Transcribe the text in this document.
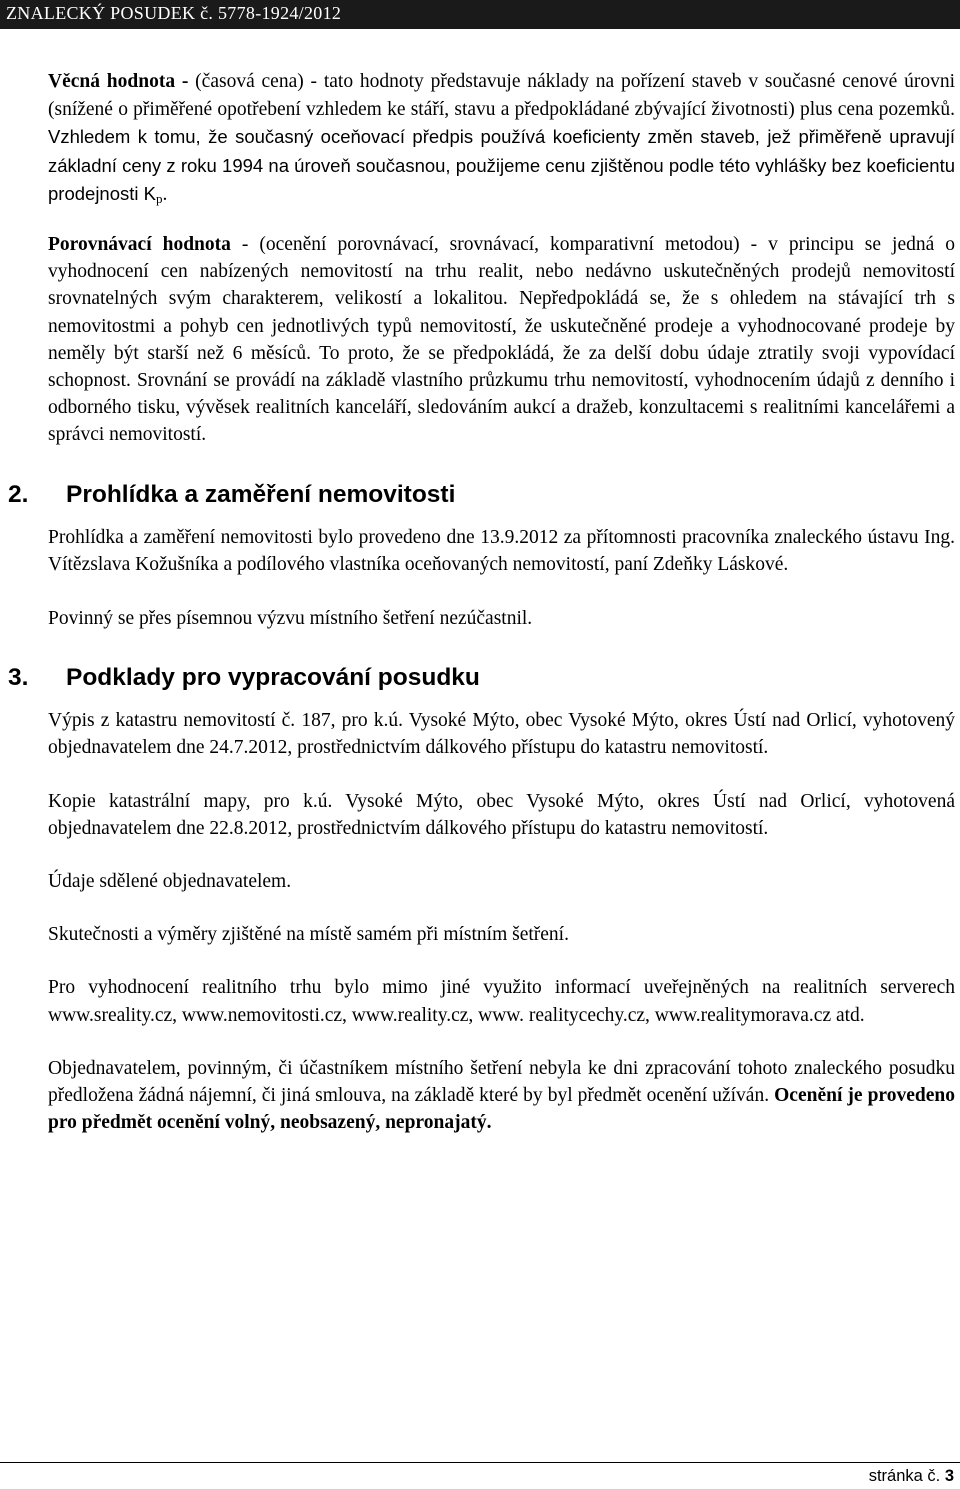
ZNALECKÝ POSUDEK č. 5778-1924/2012

Věcná hodnota - (časová cena) - tato hodnoty představuje náklady na pořízení staveb v současné cenové úrovni (snížené o přiměřené opotřebení vzhledem ke stáří, stavu a předpokládané zbývající životnosti) plus cena pozemků. Vzhledem k tomu, že současný oceňovací předpis používá koeficienty změn staveb, jež přiměřeně upravují základní ceny z roku 1994 na úroveň současnou, použijeme cenu zjištěnou podle této vyhlášky bez koeficientu prodejnosti $K_p$.

Porovnávací hodnota - (ocenění porovnávací, srovnávací, komparativní metodou) - v principu se jedná o vyhodnocení cen nabízených nemovitostí na trhu realit, nebo nedávno uskutečněných prodejů nemovitostí srovnatelných svým charakterem, velikostí a lokalitou. Nepředpokládá se, že s ohledem na stávající trh s nemovitostmi a pohyb cen jednotlivých typů nemovitostí, že uskutečněné prodeje a vyhodnocované prodeje by neměly být starší než 6 měsíců. To proto, že se předpokládá, že za delší dobu údaje ztratily svoji vypovídací schopnost. Srovnání se provádí na základě vlastního průzkumu trhu nemovitostí, vyhodnocením údajů z denního i odborného tisku, vývěsek realitních kanceláří, sledováním aukcí a dražeb, konzultacemi s realitními kancelářemi a správci nemovitostí.

2. Prohlídka a zaměření nemovitosti

Prohlídka a zaměření nemovitosti bylo provedeno dne 13.9.2012 za přítomnosti pracovníka znaleckého ústavu Ing. Vítězslava Kožušníka a podílového vlastníka oceňovaných nemovitostí, paní Zdeňky Láskové.

Povinný se přes písemnou výzvu místního šetření nezúčastnil.

3. Podklady pro vypracování posudku

Výpis z katastru nemovitostí č. 187, pro k.ú. Vysoké Mýto, obec Vysoké Mýto, okres Ústí nad Orlicí, vyhotovený objednavatelem dne 24.7.2012, prostřednictvím dálkového přístupu do katastru nemovitostí.

Kopie katastrální mapy, pro k.ú. Vysoké Mýto, obec Vysoké Mýto, okres Ústí nad Orlicí, vyhotovená objednavatelem dne 22.8.2012, prostřednictvím dálkového přístupu do katastru nemovitostí.

Údaje sdělené objednavatelem.

Skutečnosti a výměry zjištěné na místě samém při místním šetření.

Pro vyhodnocení realitního trhu bylo mimo jiné využito informací uveřejněných na realitních serverech www.sreality.cz, www.nemovitosti.cz, www.reality.cz, www. realitycechy.cz, www.realitymorava.cz atd.

Objednavatelem, povinným, či účastníkem místního šetření nebyla ke dni zpracování tohoto znaleckého posudku předložena žádná nájemní, či jiná smlouva, na základě které by byl předmět ocenění užíván. Ocenění je provedeno pro předmět ocenění volný, neobsazený, nepronajatý.

stránka č. 3
